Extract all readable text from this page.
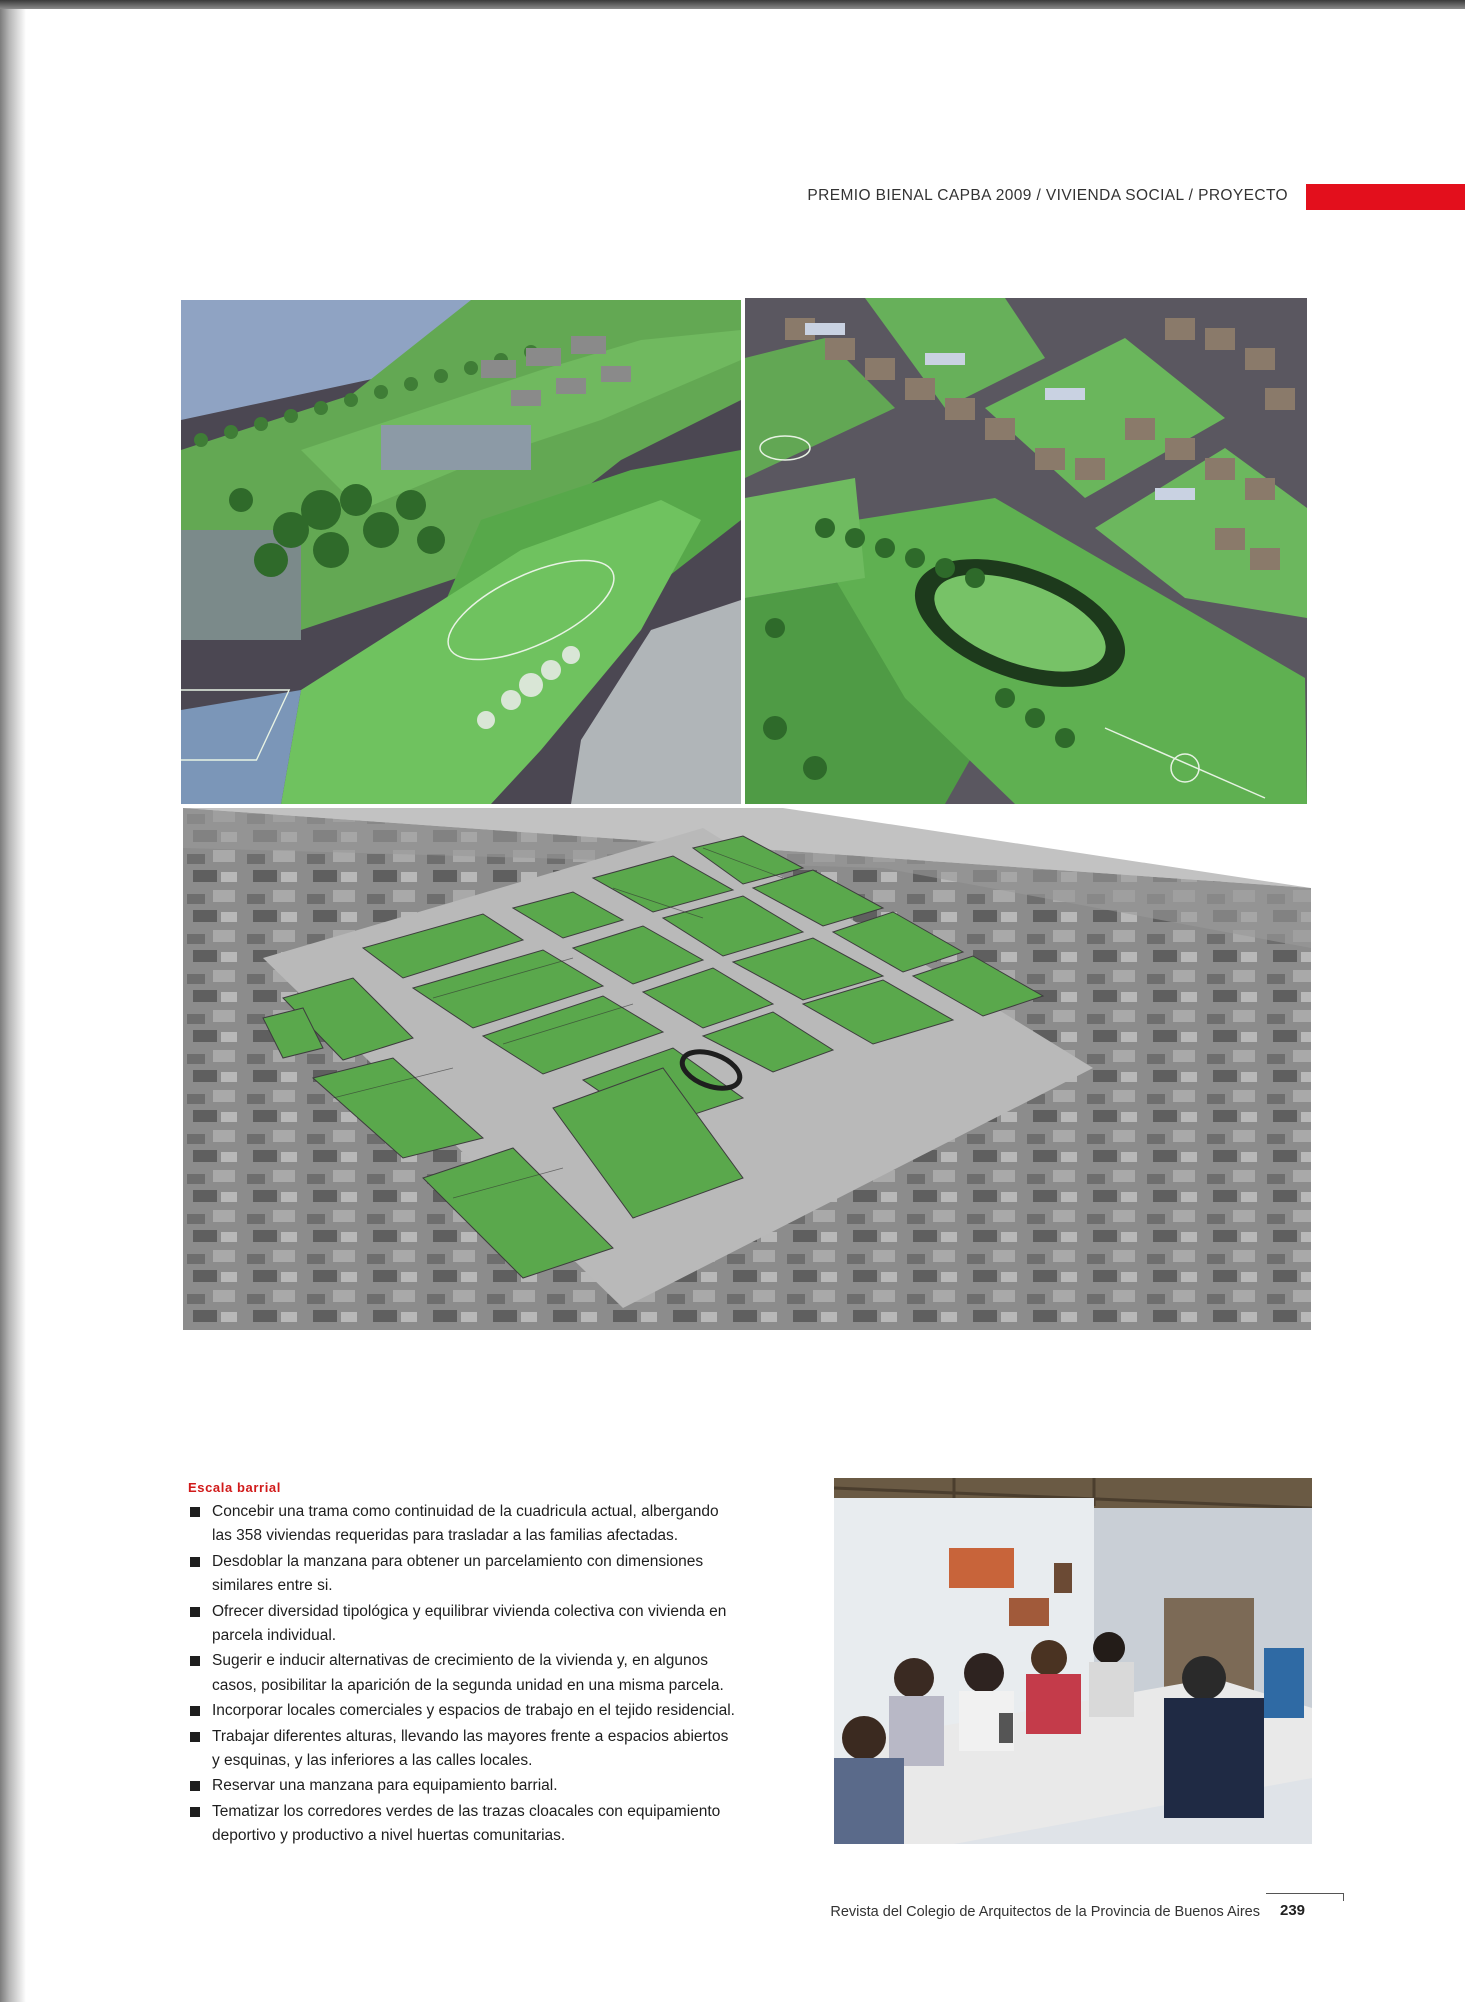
PREMIO BIENAL CAPBA 2009 / VIVIENDA SOCIAL / PROYECTO
Escala barrial
Concebir una trama como continuidad de la cuadricula actual, albergando las 358 viviendas requeridas para trasladar a las familias afectadas.
Desdoblar la manzana para obtener un parcelamiento con dimensiones similares entre si.
Ofrecer diversidad tipológica y equilibrar vivienda colectiva con vivienda en parcela individual.
Sugerir e inducir alternativas de crecimiento de la vivienda y, en algunos casos, posibilitar la aparición de la segunda unidad en una misma parcela.
Incorporar locales comerciales y espacios de trabajo en el tejido residencial.
Trabajar diferentes alturas, llevando las mayores frente a espacios abiertos y esquinas, y las inferiores a las calles locales.
Reservar una manzana para equipamiento barrial.
Tematizar los corredores verdes de las trazas cloacales con equipamiento deportivo y productivo a nivel huertas comunitarias.
Revista del Colegio de Arquitectos de la Provincia de Buenos Aires 239
